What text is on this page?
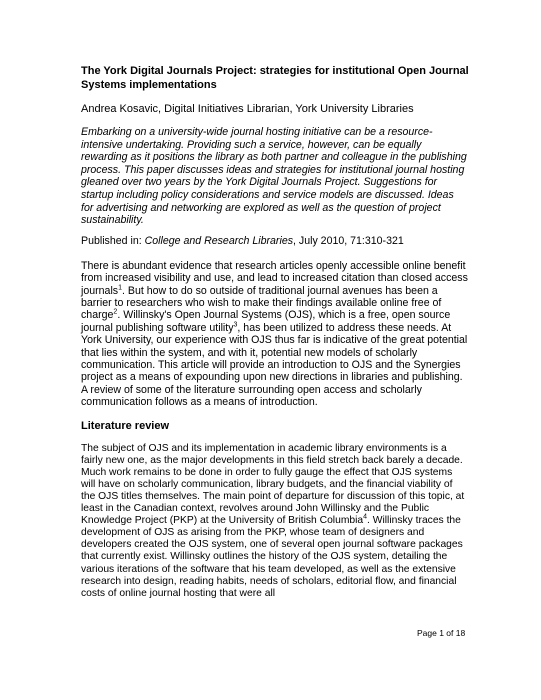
The York Digital Journals Project: strategies for institutional Open Journal Systems implementations

Andrea Kosavic, Digital Initiatives Librarian, York University Libraries

Embarking on a university-wide journal hosting initiative can be a resource-intensive undertaking. Providing such a service, however, can be equally rewarding as it positions the library as both partner and colleague in the publishing process. This paper discusses ideas and strategies for institutional journal hosting gleaned over two years by the York Digital Journals Project. Suggestions for startup including policy considerations and service models are discussed. Ideas for advertising and networking are explored as well as the question of project sustainability.

Published in: College and Research Libraries, July 2010, 71:310-321

There is abundant evidence that research articles openly accessible online benefit from increased visibility and use, and lead to increased citation than closed access journals$^1$. But how to do so outside of traditional journal avenues has been a barrier to researchers who wish to make their findings available online free of charge$^2$. Willinsky's Open Journal Systems (OJS), which is a free, open source journal publishing software utility$^3$, has been utilized to address these needs. At York University, our experience with OJS thus far is indicative of the great potential that lies within the system, and with it, potential new models of scholarly communication. This article will provide an introduction to OJS and the Synergies project as a means of expounding upon new directions in libraries and publishing. A review of some of the literature surrounding open access and scholarly communication follows as a means of introduction.

Literature review

The subject of OJS and its implementation in academic library environments is a fairly new one, as the major developments in this field stretch back barely a decade. Much work remains to be done in order to fully gauge the effect that OJS systems will have on scholarly communication, library budgets, and the financial viability of the OJS titles themselves. The main point of departure for discussion of this topic, at least in the Canadian context, revolves around John Willinsky and the Public Knowledge Project (PKP) at the University of British Columbia$^4$. Willinsky traces the development of OJS as arising from the PKP, whose team of designers and developers created the OJS system, one of several open journal software packages that currently exist. Willinsky outlines the history of the OJS system, detailing the various iterations of the software that his team developed, as well as the extensive research into design, reading habits, needs of scholars, editorial flow, and financial costs of online journal hosting that were all

Page 1 of 18
